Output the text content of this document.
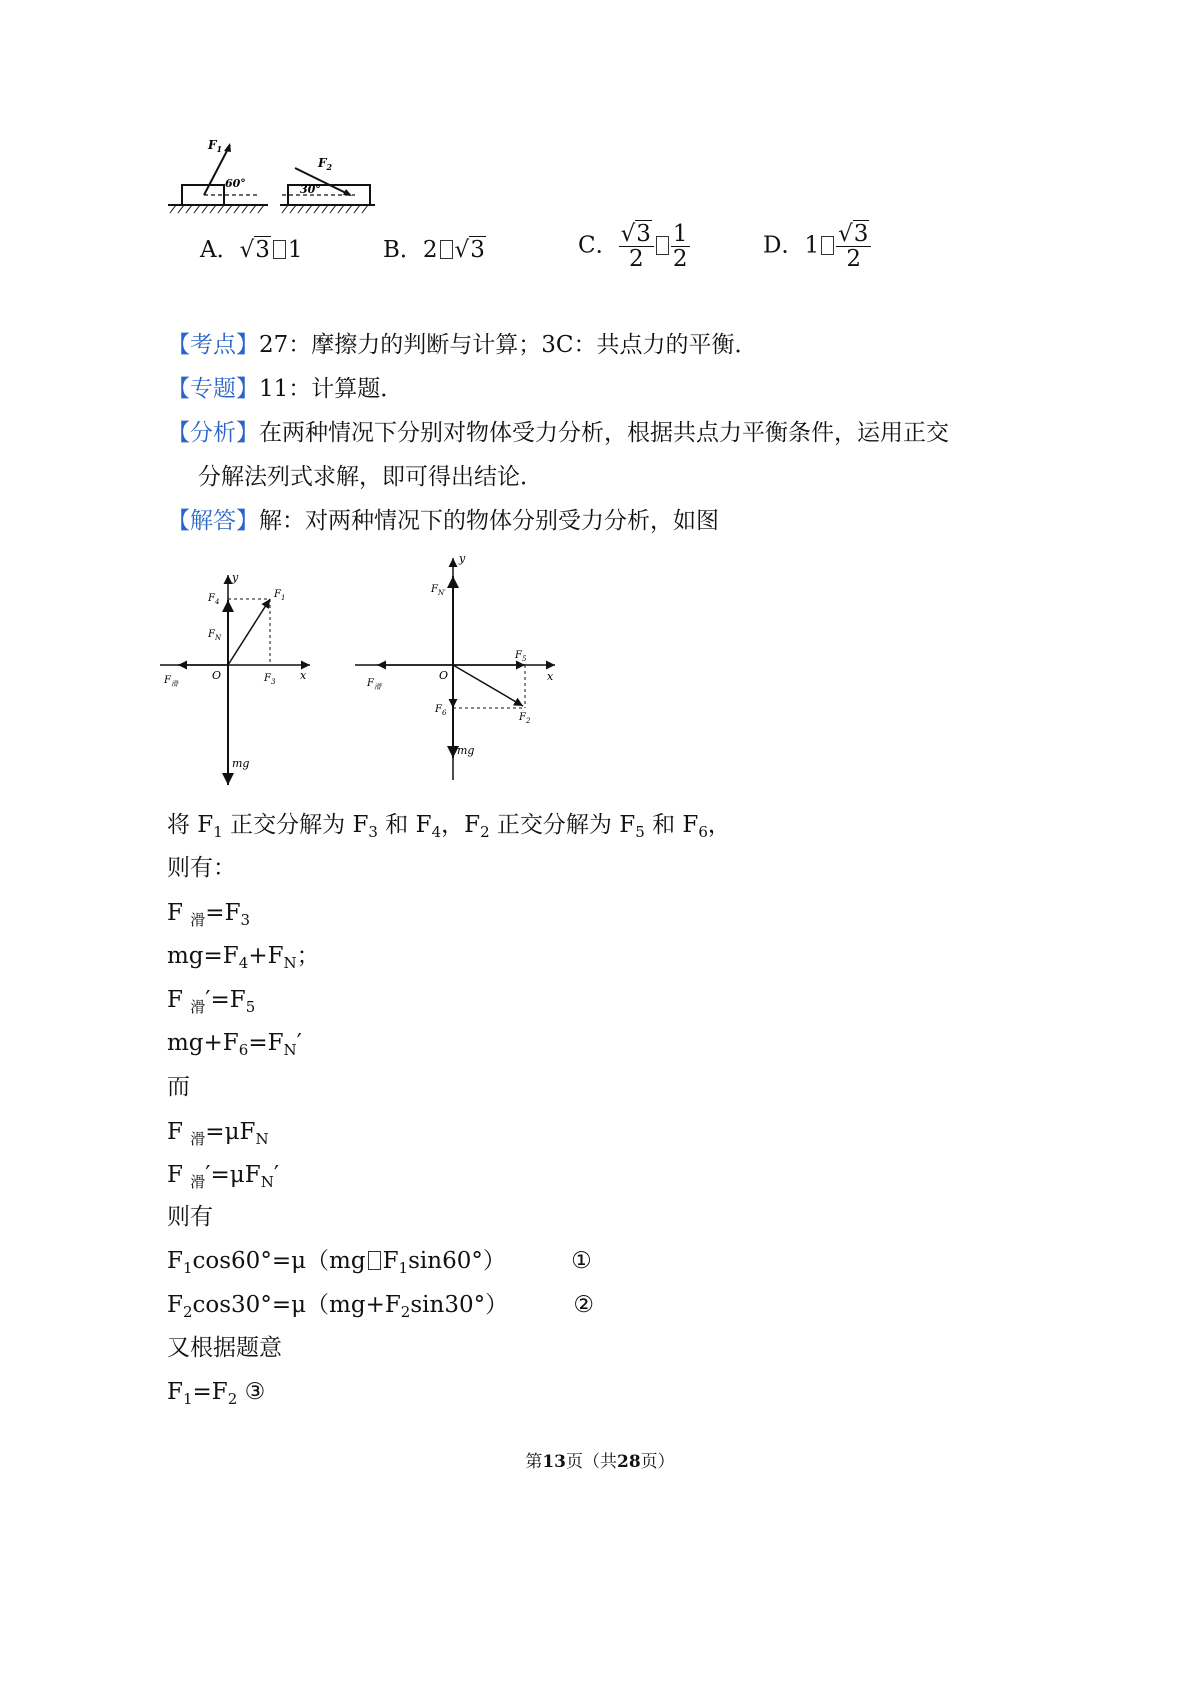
$F_1$
60°
$F_2$
30°
A．√3 1	B．2 √3	C． $\frac{√3}{2} \frac{1}{2}$	D．$1 \frac{√3}{2}$
【考点】27：摩擦力的判断与计算；3C：共点力的平衡．
【专题】11：计算题．
【分析】在两种情况下分别对物体受力分析，根据共点力平衡条件，运用正交
分解法列式求解，即可得出结论．
【解答】解：对两种情况下的物体分别受力分析，如图
y
$F_4$
$F_1$
$F_N$
$F_滑$
O	$F_3$ x
mg
y
$F_{N'}$
$F_{滑'}$
O
$F_5$
x
$F_6$	$F_2$
mg
将 $F_1$ 正交分解为 $F_3$ 和 $F_4$，$F_2$ 正交分解为 $F_5$ 和 $F_6$，
则有：
F $_滑=F_3$
$mg=F_4+F_N$；
F $_滑'=F_5$
$mg+F_6=F_N'$
而
F $_滑=\mu F_N$
F $_滑'=\mu F_N'$
则有
$F_1\cos 60^\circ=\mu(mg$ $F_1\sin 60^\circ$）	①
$F_2\cos 30^\circ=\mu(mg+F_2\sin 30^\circ)$	②
又根据题意
$F_1=F_2$ ③
第13页（共28页）
